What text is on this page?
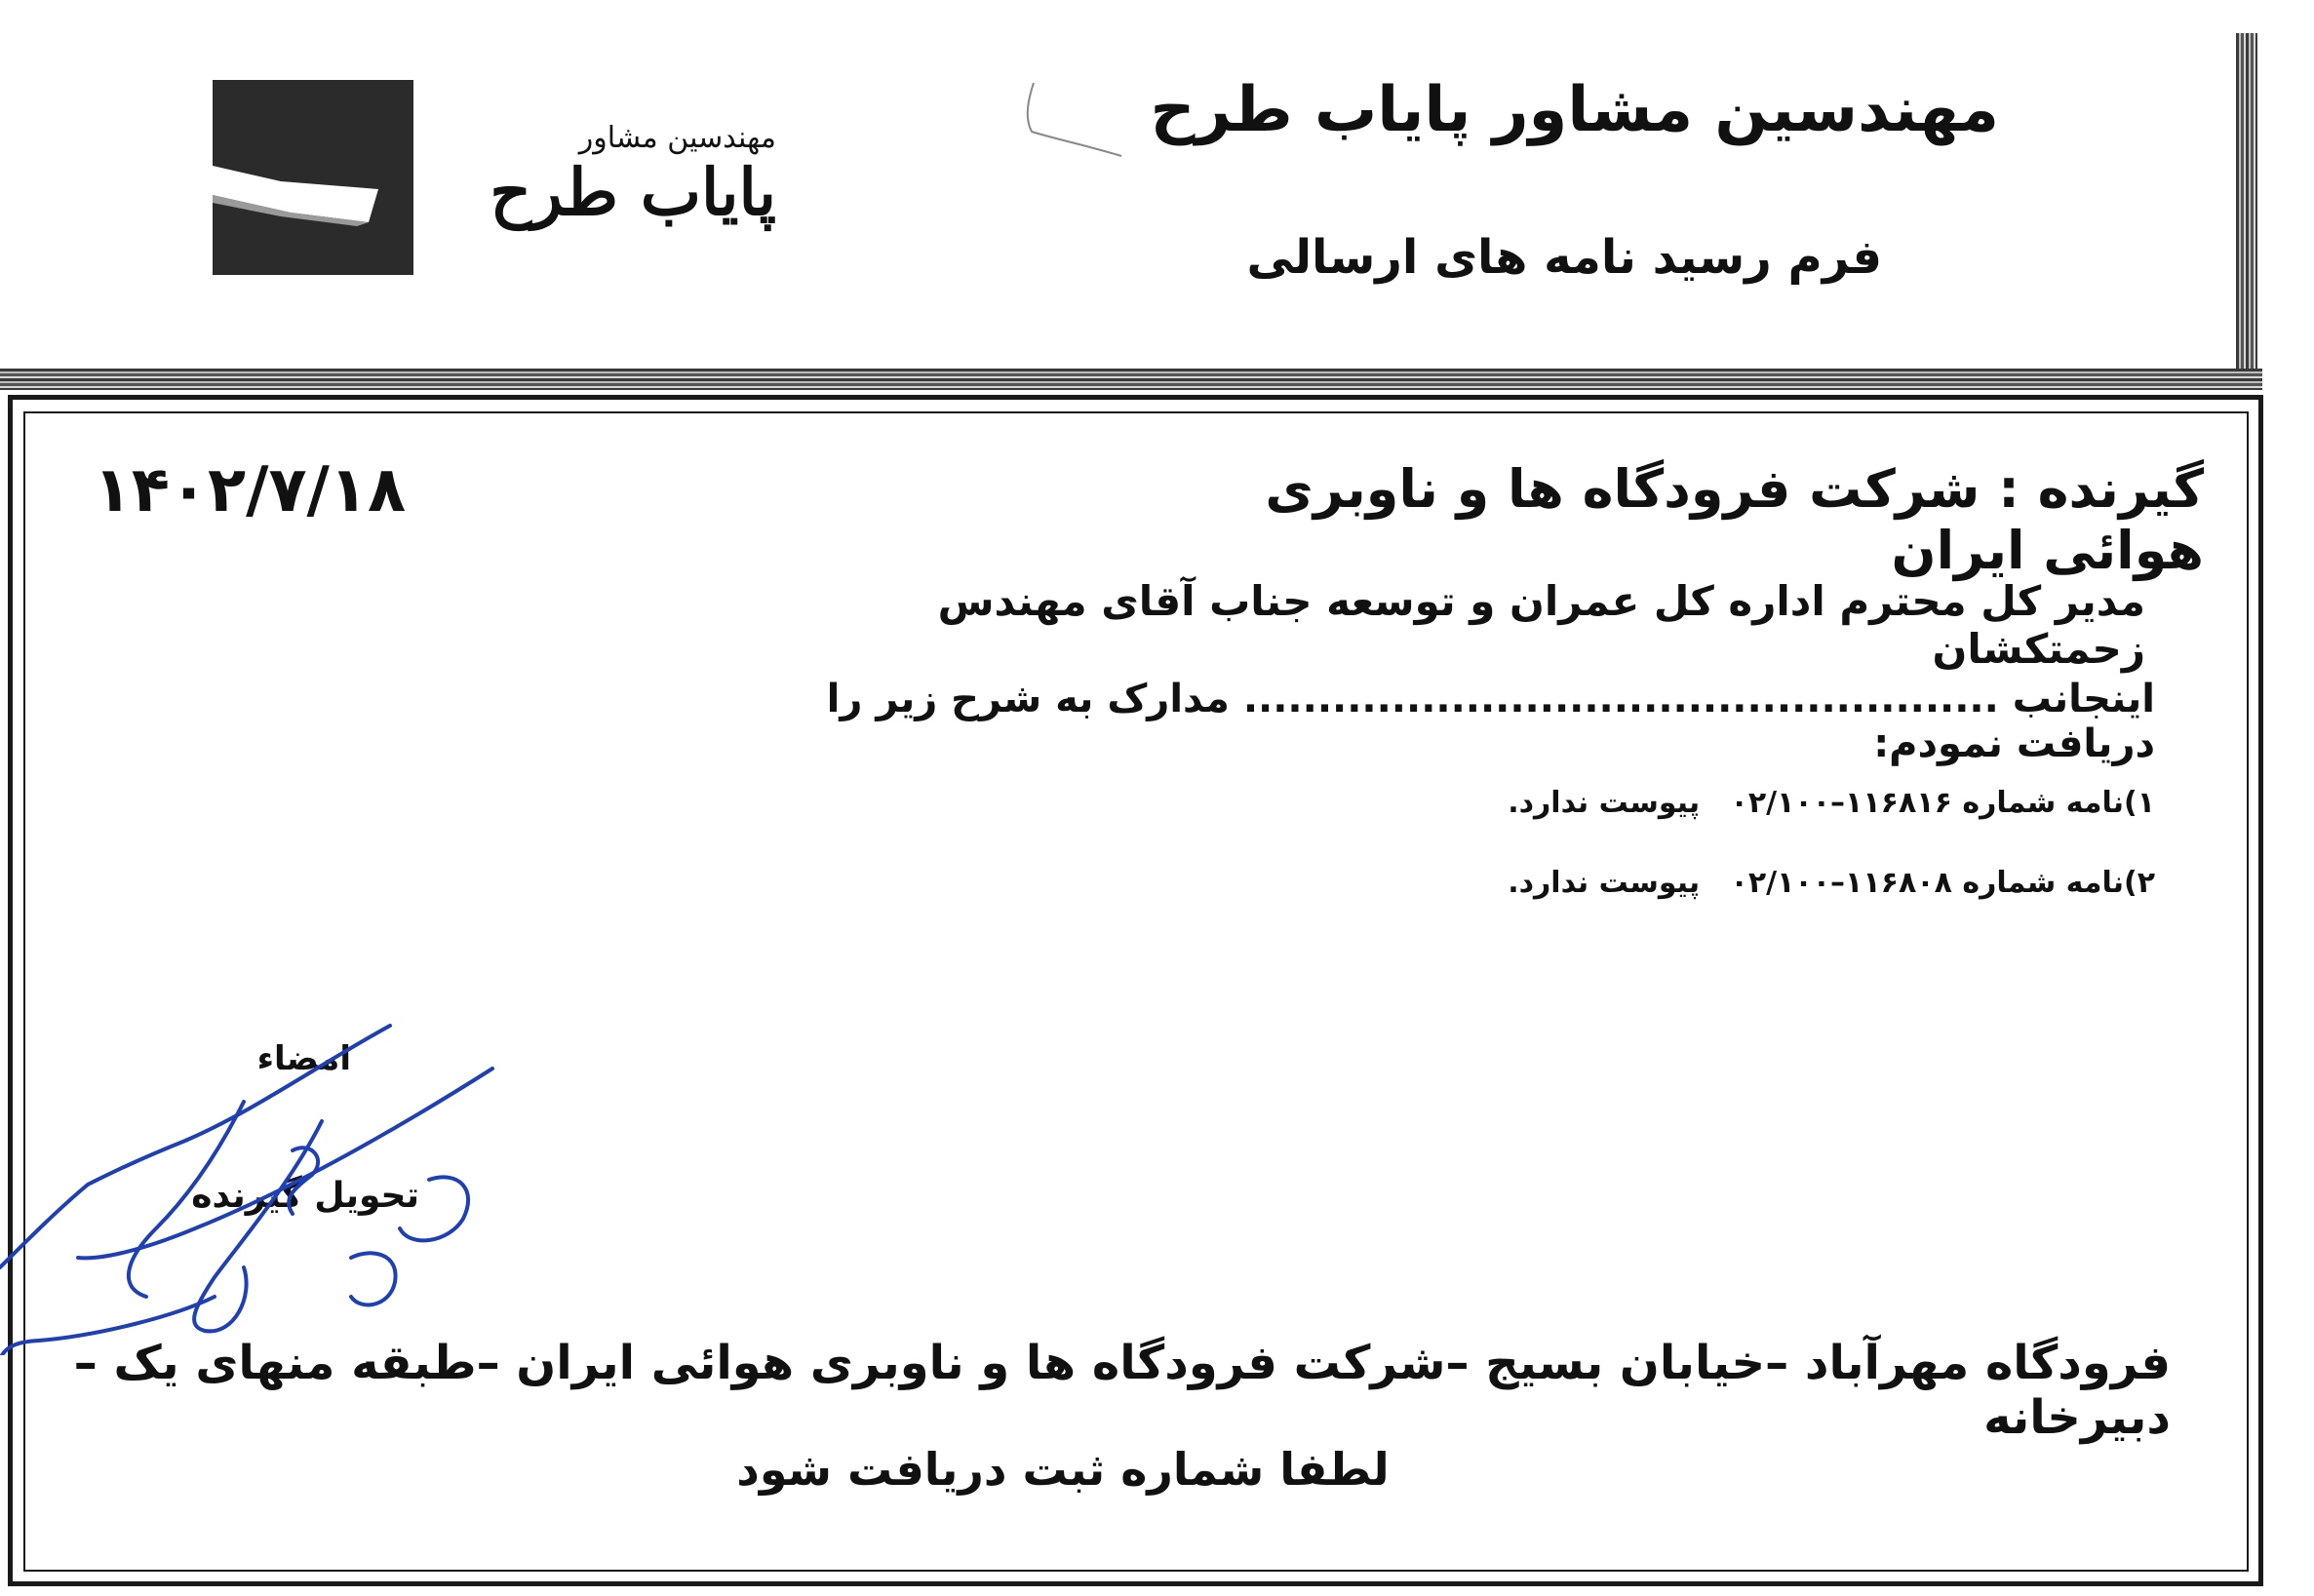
مهندسین مشاور
پایاب طرح
مهندسین مشاور پایاب طرح
فرم رسید نامه های ارسالی
۱۴۰۲/۷/۱۸	گیرنده : شرکت فرودگاه ها و ناوبری هوائی ایران
مدیر کل محترم اداره کل عمران و توسعه جناب آقای مهندس زحمتکشان
اینجانب ................................................... مدارک به شرح زیر را دریافت نمودم:
۱)نامه شماره ۱۱۶۸۱۶–۰۲/۱۰۰   پیوست ندارد.
۲)نامه شماره ۱۱۶۸۰۸–۰۲/۱۰۰   پیوست ندارد.
امضاء
تحویل گیرنده
فرودگاه مهرآباد –خیابان بسیج –شرکت فرودگاه ها و ناوبری هوائی ایران –طبقه منهای یک –دبیرخانه
لطفا شماره ثبت دریافت شود
